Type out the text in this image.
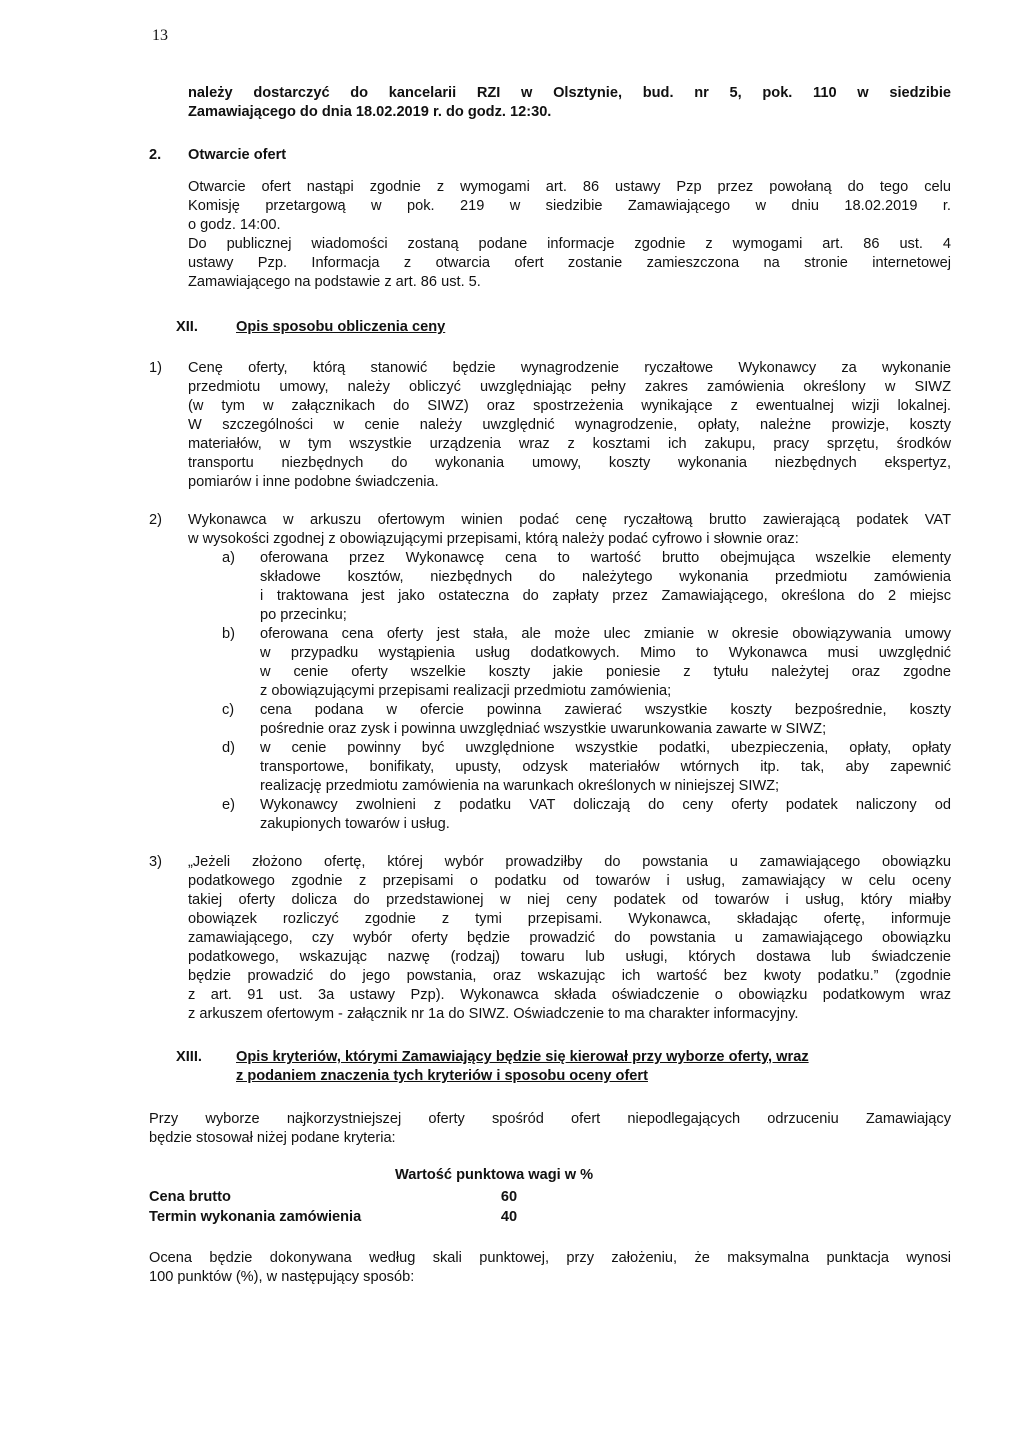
13
należy dostarczyć do kancelarii RZI w Olsztynie, bud. nr 5, pok. 110 w siedzibie
Zamawiającego do dnia 18.02.2019 r. do godz. 12:30.
2. Otwarcie ofert
Otwarcie ofert nastąpi zgodnie z wymogami art. 86 ustawy Pzp przez powołaną do tego celu
Komisję przetargową w pok. 219 w siedzibie Zamawiającego w dniu 18.02.2019 r.
o godz. 14:00.
Do publicznej wiadomości zostaną podane informacje zgodnie z wymogami art. 86 ust. 4
ustawy Pzp. Informacja z otwarcia ofert zostanie zamieszczona na stronie internetowej
Zamawiającego na podstawie z art. 86 ust. 5.
XII.	Opis sposobu obliczenia ceny
1) Cenę oferty, którą stanowić będzie wynagrodzenie ryczałtowe Wykonawcy za wykonanie
przedmiotu umowy, należy obliczyć uwzględniając pełny zakres zamówienia określony w SIWZ
(w tym w załącznikach do SIWZ) oraz spostrzeżenia wynikające z ewentualnej wizji lokalnej.
W szczególności w cenie należy uwzględnić wynagrodzenie, opłaty, należne prowizje, koszty
materiałów, w tym wszystkie urządzenia wraz z kosztami ich zakupu, pracy sprzętu, środków
transportu niezbędnych do wykonania umowy, koszty wykonania niezbędnych ekspertyz,
pomiarów i inne podobne świadczenia.
2) Wykonawca w arkuszu ofertowym winien podać cenę ryczałtową brutto zawierającą podatek VAT
w wysokości zgodnej z obowiązującymi przepisami, którą należy podać cyfrowo i słownie oraz:
a) oferowana przez Wykonawcę cena to wartość brutto obejmująca wszelkie elementy
składowe kosztów, niezbędnych do należytego wykonania przedmiotu zamówienia
i traktowana jest jako ostateczna do zapłaty przez Zamawiającego, określona do 2 miejsc
po przecinku;
b) oferowana cena oferty jest stała, ale może ulec zmianie w okresie obowiązywania umowy
w przypadku wystąpienia usług dodatkowych. Mimo to Wykonawca musi uwzględnić
w cenie oferty wszelkie koszty jakie poniesie z tytułu należytej oraz zgodne
z obowiązującymi przepisami realizacji przedmiotu zamówienia;
c) cena podana w ofercie powinna zawierać wszystkie koszty bezpośrednie, koszty
pośrednie oraz zysk i powinna uwzględniać wszystkie uwarunkowania zawarte w SIWZ;
d) w cenie powinny być uwzględnione wszystkie podatki, ubezpieczenia, opłaty, opłaty
transportowe, bonifikaty, upusty, odzysk materiałów wtórnych itp. tak, aby zapewnić
realizację przedmiotu zamówienia na warunkach określonych w niniejszej SIWZ;
e) Wykonawcy zwolnieni z podatku VAT doliczają do ceny oferty podatek naliczony od
zakupionych towarów i usług.
3) „Jeżeli złożono ofertę, której wybór prowadziłby do powstania u zamawiającego obowiązku
podatkowego zgodnie z przepisami o podatku od towarów i usług, zamawiający w celu oceny
takiej oferty dolicza do przedstawionej w niej ceny podatek od towarów i usług, który miałby
obowiązek rozliczyć zgodnie z tymi przepisami. Wykonawca, składając ofertę, informuje
zamawiającego, czy wybór oferty będzie prowadzić do powstania u zamawiającego obowiązku
podatkowego, wskazując nazwę (rodzaj) towaru lub usługi, których dostawa lub świadczenie
będzie prowadzić do jego powstania, oraz wskazując ich wartość bez kwoty podatku.” (zgodnie
z art. 91 ust. 3a ustawy Pzp). Wykonawca składa oświadczenie o obowiązku podatkowym wraz
z arkuszem ofertowym - załącznik nr 1a do SIWZ. Oświadczenie to ma charakter informacyjny.
XIII. Opis kryteriów, którymi Zamawiający będzie się kierował przy wyborze oferty, wraz
z podaniem znaczenia tych kryteriów i sposobu oceny ofert
Przy wyborze najkorzystniejszej oferty spośród ofert niepodlegających odrzuceniu Zamawiający
będzie stosował niżej podane kryteria:
Wartość punktowa wagi w %
Cena brutto	60
Termin wykonania zamówienia	40
Ocena będzie dokonywana według skali punktowej, przy założeniu, że maksymalna punktacja wynosi
100 punktów (%), w następujący sposób:
